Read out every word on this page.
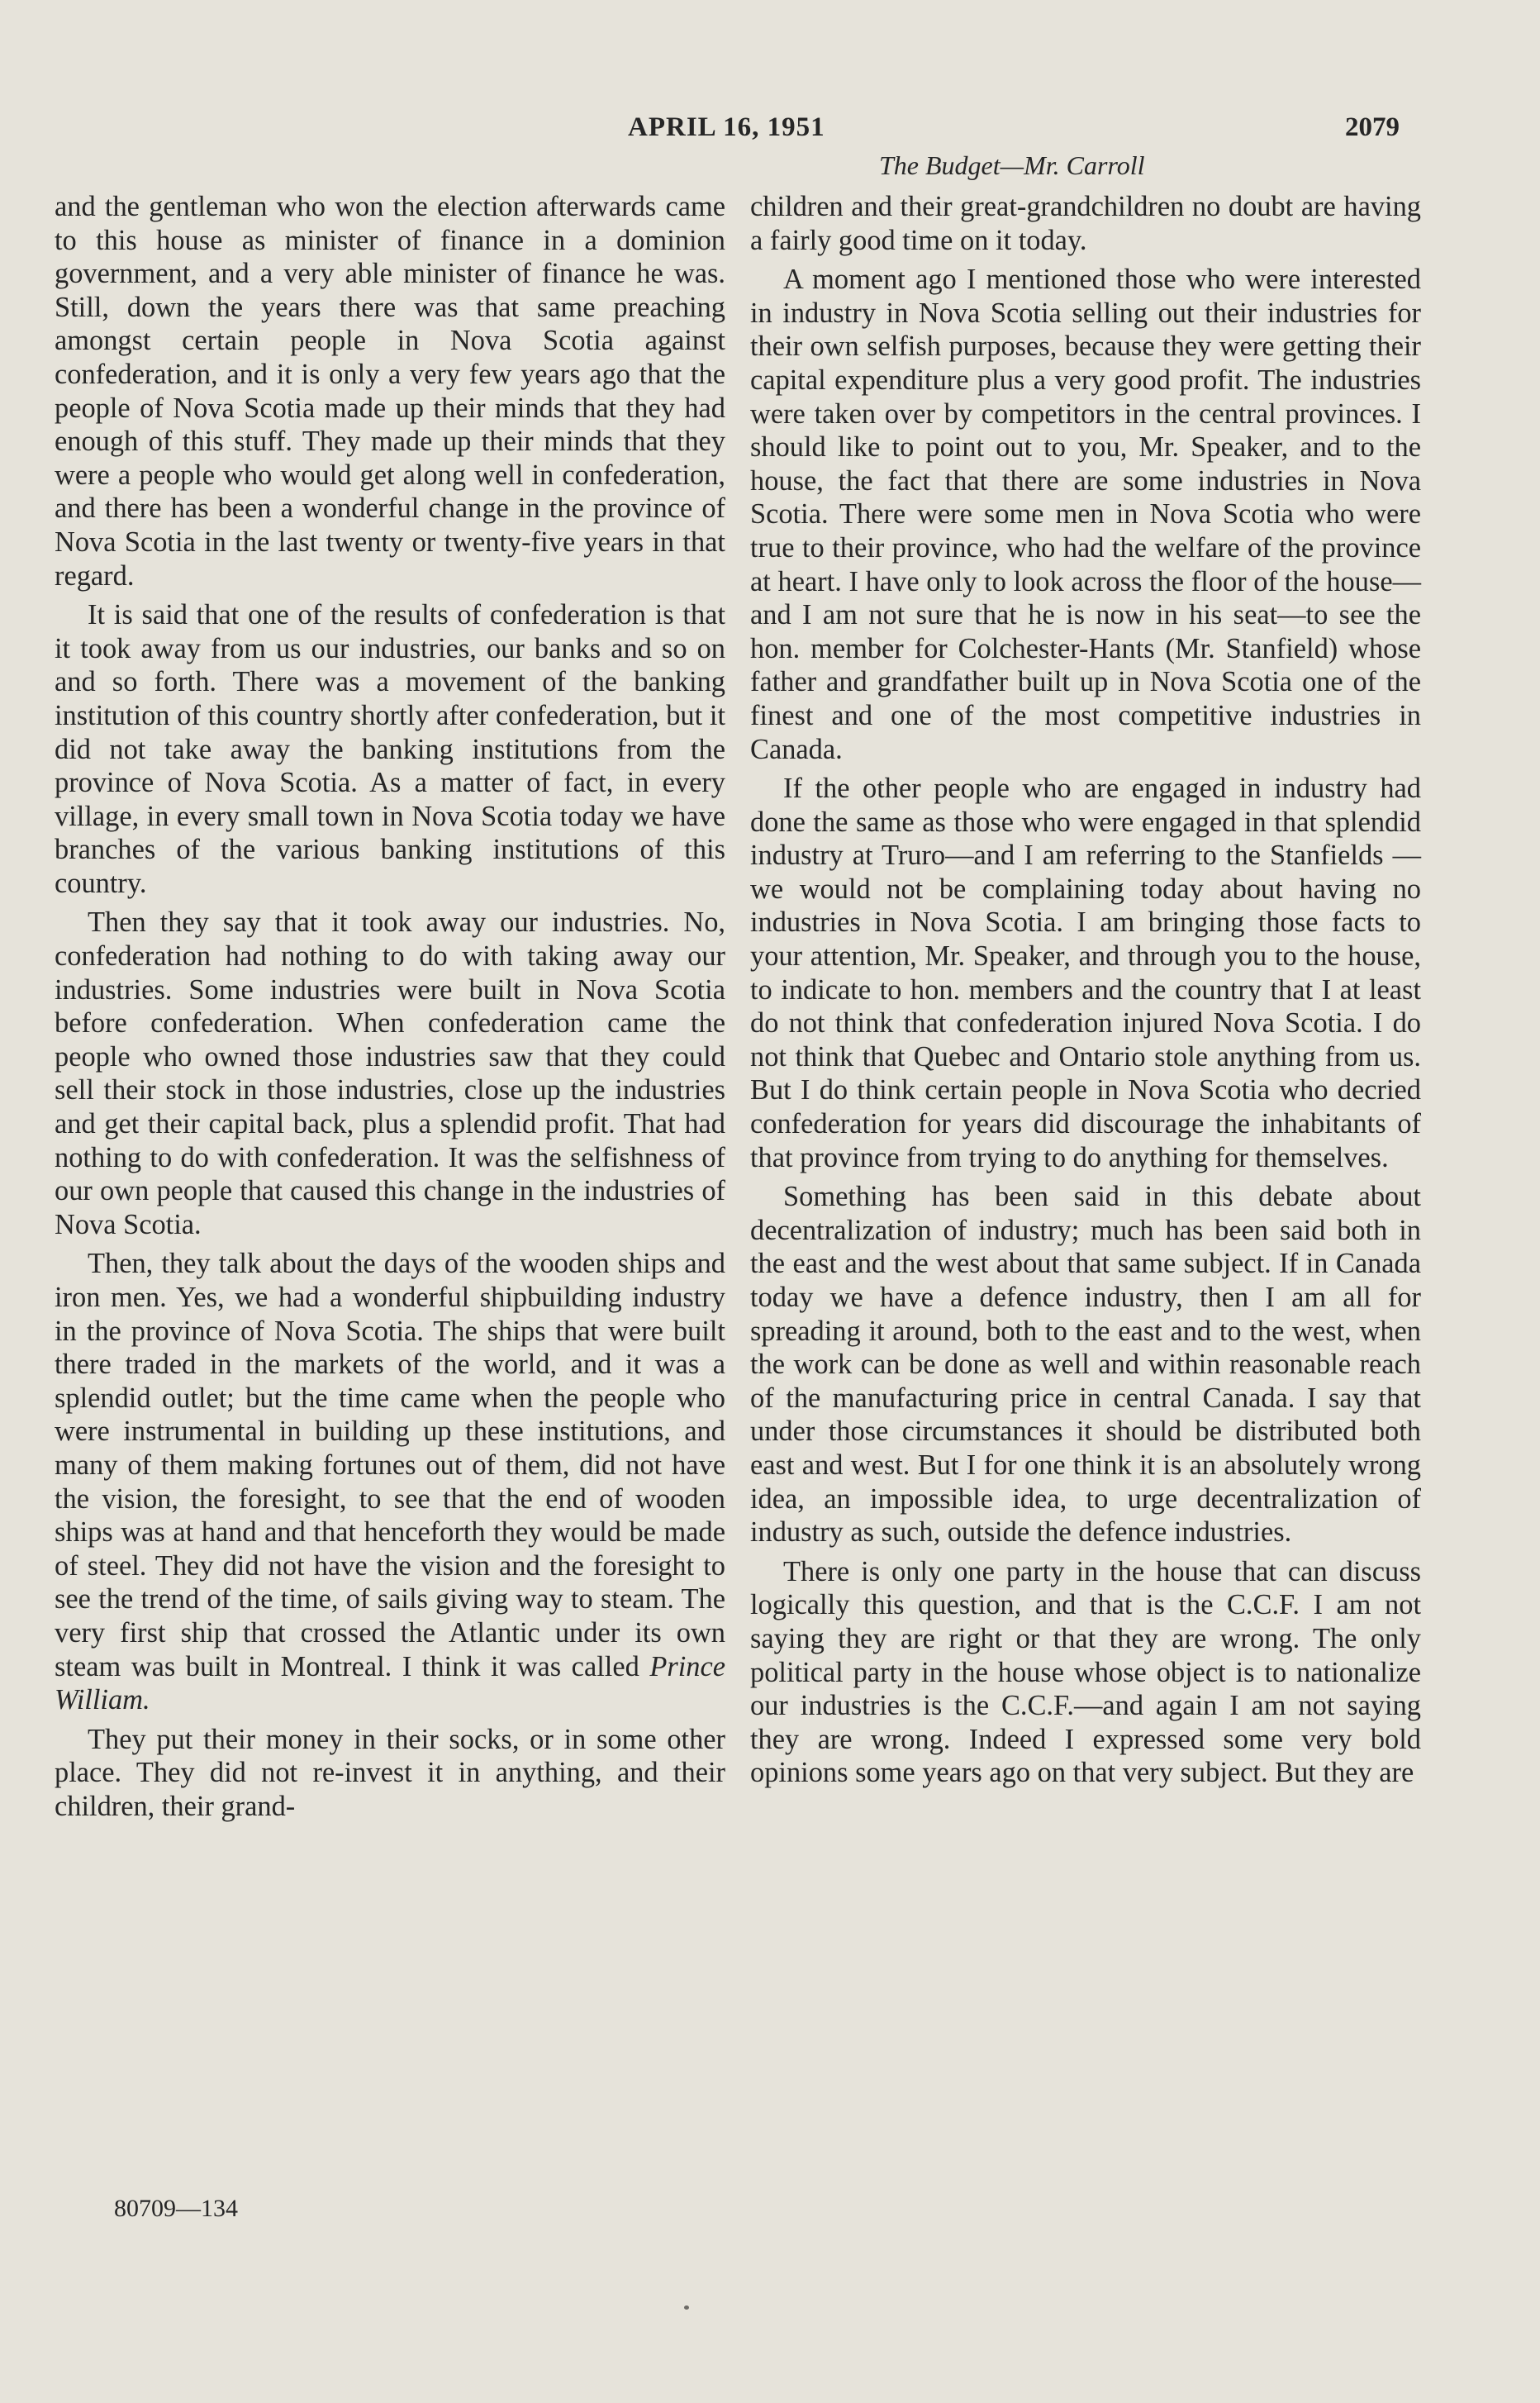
APRIL 16, 1951	2079
The Budget—Mr. Carroll

and the gentleman who won the election afterwards came to this house as minister of finance in a dominion government, and a very able minister of finance he was. Still, down the years there was that same preaching amongst certain people in Nova Scotia against confederation, and it is only a very few years ago that the people of Nova Scotia made up their minds that they had enough of this stuff. They made up their minds that they were a people who would get along well in confederation, and there has been a wonderful change in the province of Nova Scotia in the last twenty or twenty-five years in that regard.

It is said that one of the results of confederation is that it took away from us our industries, our banks and so on and so forth. There was a movement of the banking institution of this country shortly after confederation, but it did not take away the banking institutions from the province of Nova Scotia. As a matter of fact, in every village, in every small town in Nova Scotia today we have branches of the various banking institutions of this country.

Then they say that it took away our industries. No, confederation had nothing to do with taking away our industries. Some industries were built in Nova Scotia before confederation. When confederation came the people who owned those industries saw that they could sell their stock in those industries, close up the industries and get their capital back, plus a splendid profit. That had nothing to do with confederation. It was the selfishness of our own people that caused this change in the industries of Nova Scotia.

Then, they talk about the days of the wooden ships and iron men. Yes, we had a wonderful shipbuilding industry in the province of Nova Scotia. The ships that were built there traded in the markets of the world, and it was a splendid outlet; but the time came when the people who were instrumental in building up these institutions, and many of them making fortunes out of them, did not have the vision, the foresight, to see that the end of wooden ships was at hand and that henceforth they would be made of steel. They did not have the vision and the foresight to see the trend of the time, of sails giving way to steam. The very first ship that crossed the Atlantic under its own steam was built in Montreal. I think it was called Prince William.

They put their money in their socks, or in some other place. They did not re-invest it in anything, and their children, their grand-

children and their great-grandchildren no doubt are having a fairly good time on it today.

A moment ago I mentioned those who were interested in industry in Nova Scotia selling out their industries for their own selfish purposes, because they were getting their capital expenditure plus a very good profit. The industries were taken over by competitors in the central provinces. I should like to point out to you, Mr. Speaker, and to the house, the fact that there are some industries in Nova Scotia. There were some men in Nova Scotia who were true to their province, who had the welfare of the province at heart. I have only to look across the floor of the house—and I am not sure that he is now in his seat—to see the hon. member for Colchester-Hants (Mr. Stanfield) whose father and grandfather built up in Nova Scotia one of the finest and one of the most competitive industries in Canada.

If the other people who are engaged in industry had done the same as those who were engaged in that splendid industry at Truro—and I am referring to the Stanfields —we would not be complaining today about having no industries in Nova Scotia. I am bringing those facts to your attention, Mr. Speaker, and through you to the house, to indicate to hon. members and the country that I at least do not think that confederation injured Nova Scotia. I do not think that Quebec and Ontario stole anything from us. But I do think certain people in Nova Scotia who decried confederation for years did discourage the inhabitants of that province from trying to do anything for themselves.

Something has been said in this debate about decentralization of industry; much has been said both in the east and the west about that same subject. If in Canada today we have a defence industry, then I am all for spreading it around, both to the east and to the west, when the work can be done as well and within reasonable reach of the manufacturing price in central Canada. I say that under those circumstances it should be distributed both east and west. But I for one think it is an absolutely wrong idea, an impossible idea, to urge decentralization of industry as such, outside the defence industries.

There is only one party in the house that can discuss logically this question, and that is the C.C.F. I am not saying they are right or that they are wrong. The only political party in the house whose object is to nationalize our industries is the C.C.F.—and again I am not saying they are wrong. Indeed I expressed some very bold opinions some years ago on that very subject. But they are

80709—134
